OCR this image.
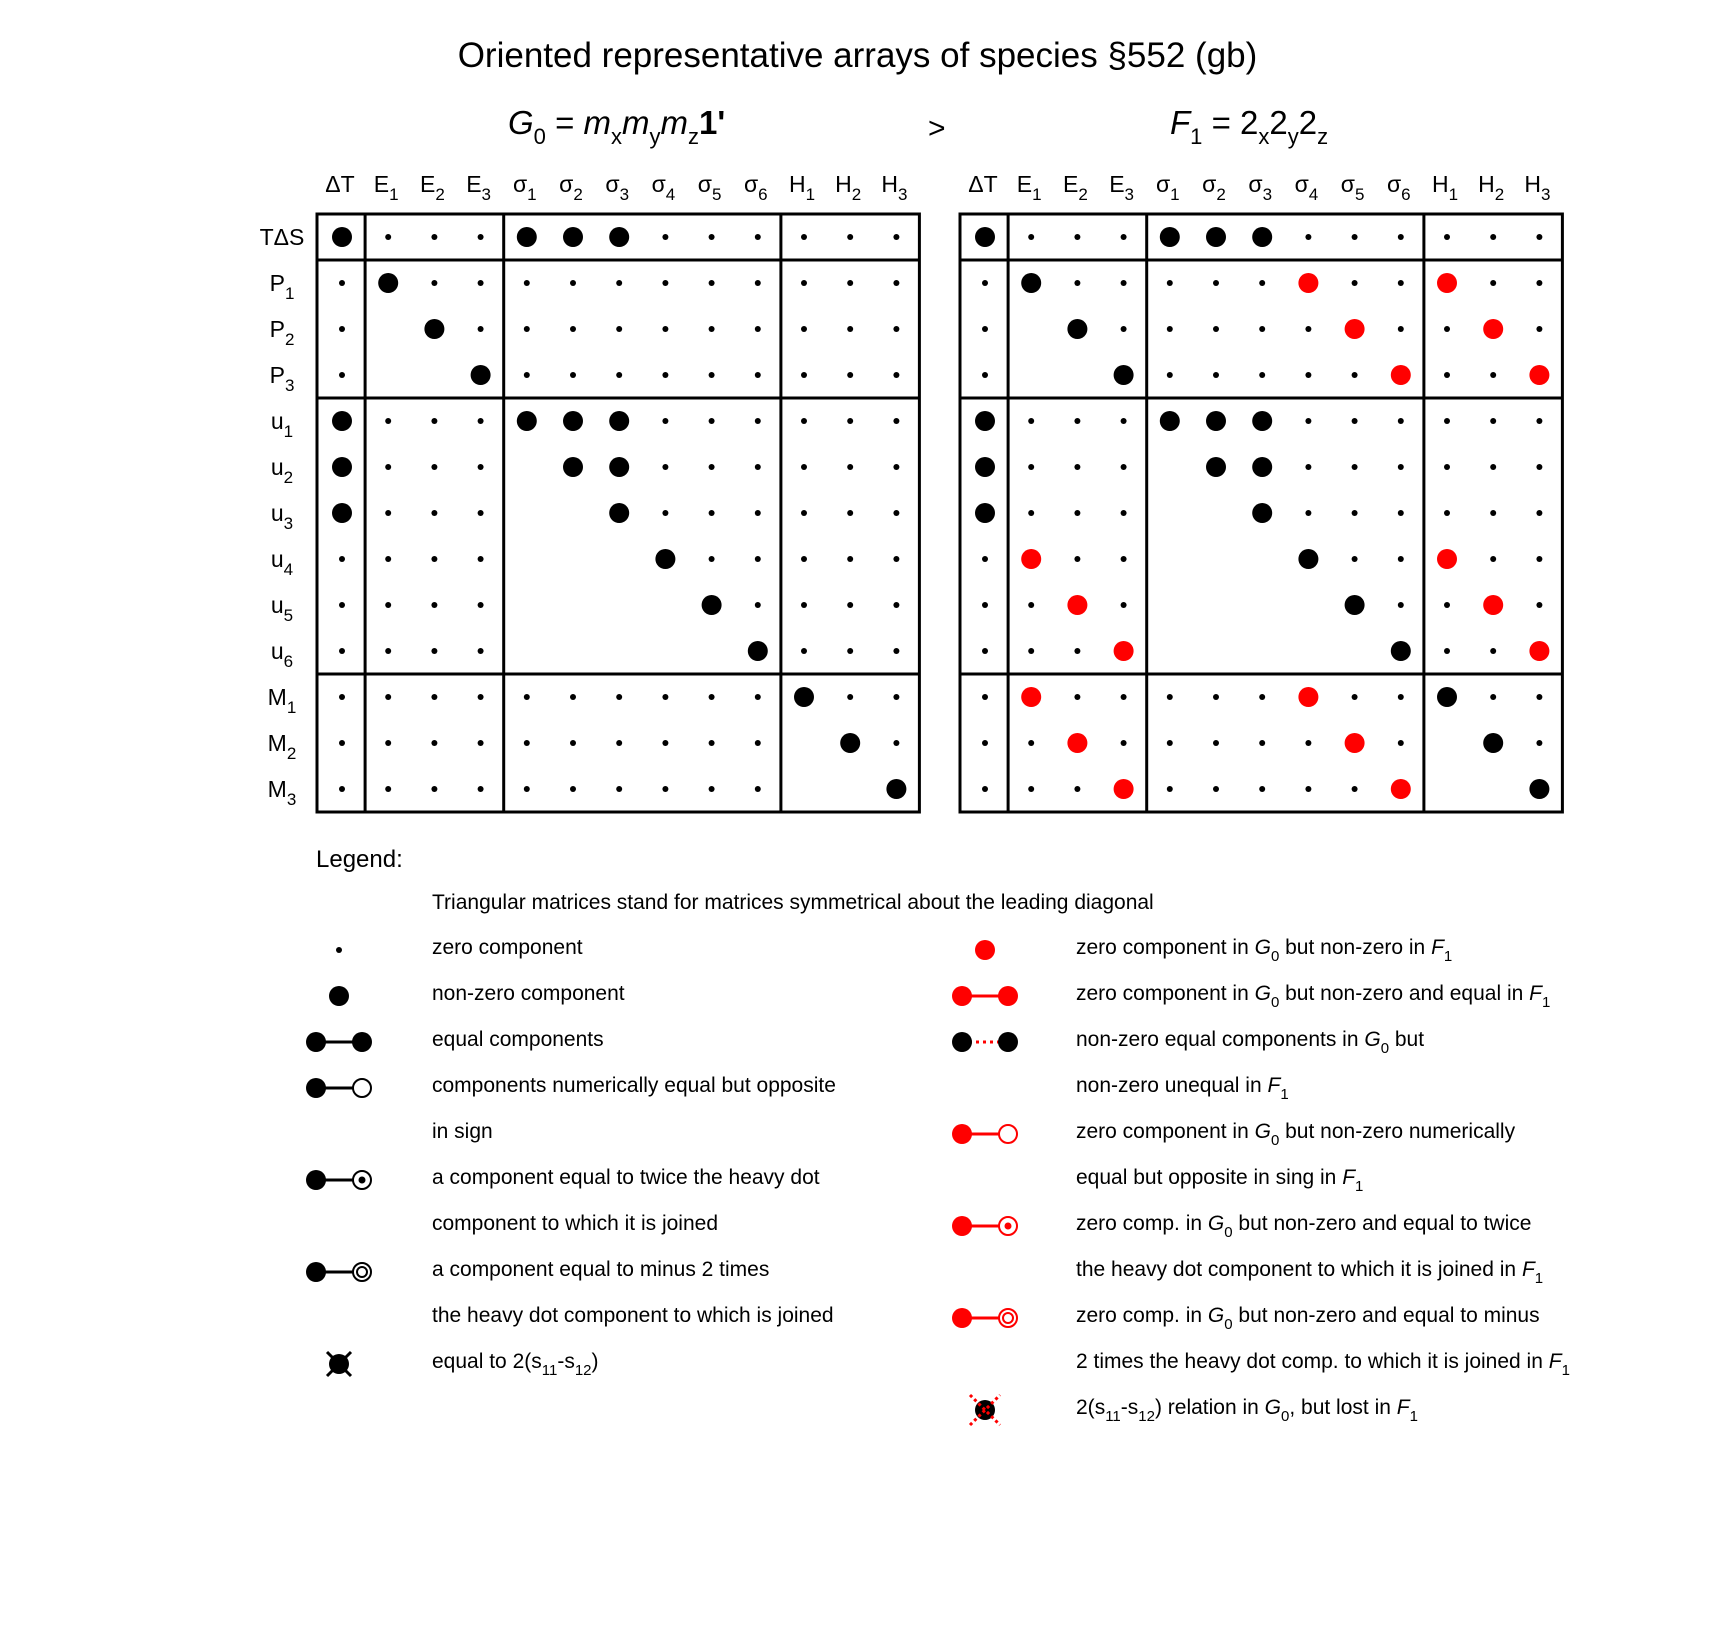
Oriented representative arrays of species §552 (gb)
$G_0 = m_xm_ym_z1'$	>	$F_1 = 2_x2_y2_z$
ΔT $E_1$ $E_2$ $E_3$ $\sigma_1$ $\sigma_2$ $\sigma_3$ $\sigma_4$ $\sigma_5$ $\sigma_6$ $H_1$ $H_2$ $H_3$
TΔS
$P_1$
$P_2$
$P_3$
$u_1$
$u_2$
$u_3$
$u_4$
$u_5$
$u_6$
$M_1$
$M_2$
$M_3$
ΔT $E_1$ $E_2$ $E_3$ $\sigma_1$ $\sigma_2$ $\sigma_3$ $\sigma_4$ $\sigma_5$ $\sigma_6$ $H_1$ $H_2$ $H_3$
Legend:
Triangular matrices stand for matrices symmetrical about the leading diagonal
zero component
non-zero component
equal components
components numerically equal but opposite
in sign
a component equal to twice the heavy dot
component to which it is joined
a component equal to minus 2 times
the heavy dot component to which is joined
equal to $2(s_{11}-s_{12})$
zero component in $G_0$ but non-zero in $F_1$
zero component in $G_0$ but non-zero and equal in $F_1$
non-zero equal components in $G_0$ but
non-zero unequal in $F_1$
zero component in $G_0$ but non-zero numerically
equal but opposite in sing in $F_1$
zero comp. in $G_0$ but non-zero and equal to twice
the heavy dot component to which it is joined in $F_1$
zero comp. in $G_0$ but non-zero and equal to minus
2 times the heavy dot comp. to which it is joined in $F_1$
$2(s_{11}-s_{12})$ relation in $G_0$, but lost in $F_1$
